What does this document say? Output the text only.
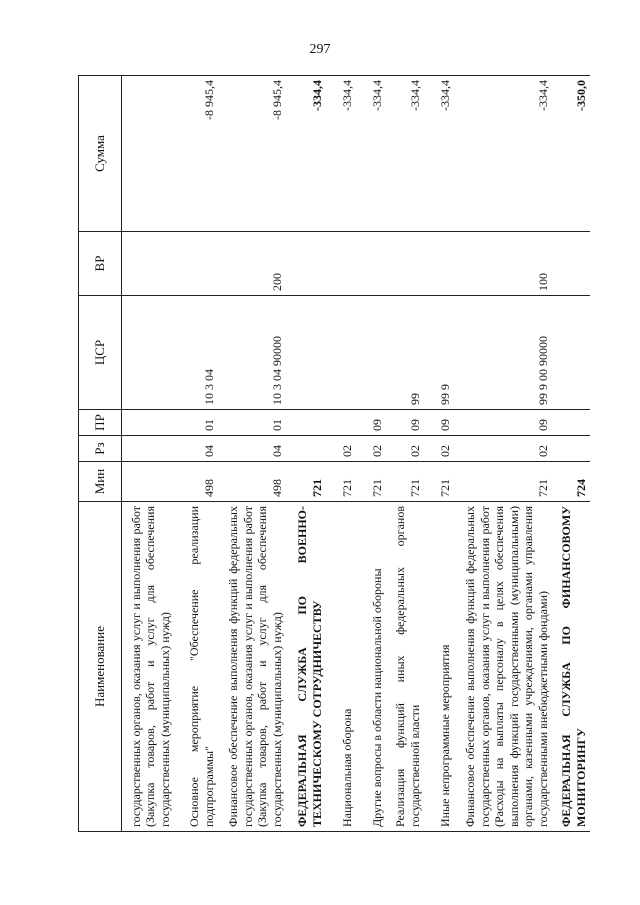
297
Наименование	Мин	Рз	ПР	ЦСР	ВР	Сумма
государственных органов, оказания услуг и выполнения работ (Закупка товаров, работ и услуг для обеспечения государственных (муниципальных) нужд)						
Основное мероприятие "Обеспечение реализации подпрограммы"	498	04	01	10 3 04		-8 945,4
Финансовое обеспечение выполнения функций федеральных государственных органов, оказания услуг и выполнения работ (Закупка товаров, работ и услуг для обеспечения государственных (муниципальных) нужд)	498	04	01	10 3 04 90000	200	-8 945,4
ФЕДЕРАЛЬНАЯ СЛУЖБА ПО ВОЕННО-ТЕХНИЧЕСКОМУ СОТРУДНИЧЕСТВУ	721					-334,4
Национальная оборона	721	02				-334,4
Другие вопросы в области национальной обороны	721	02	09			-334,4
Реализация функций иных федеральных органов государственной власти	721	02	09	99		-334,4
Иные непрограммные мероприятия	721	02	09	99 9		-334,4
Финансовое обеспечение выполнения функций федеральных государственных органов, оказания услуг и выполнения работ (Расходы на выплаты персоналу в целях обеспечения выполнения функций государственными (муниципальными) органами, казенными учреждениями, органами управления государственными внебюджетными фондами)	721	02	09	99 9 00 90000	100	-334,4
ФЕДЕРАЛЬНАЯ СЛУЖБА ПО ФИНАНСОВОМУ МОНИТОРИНГУ	724					-350,0
